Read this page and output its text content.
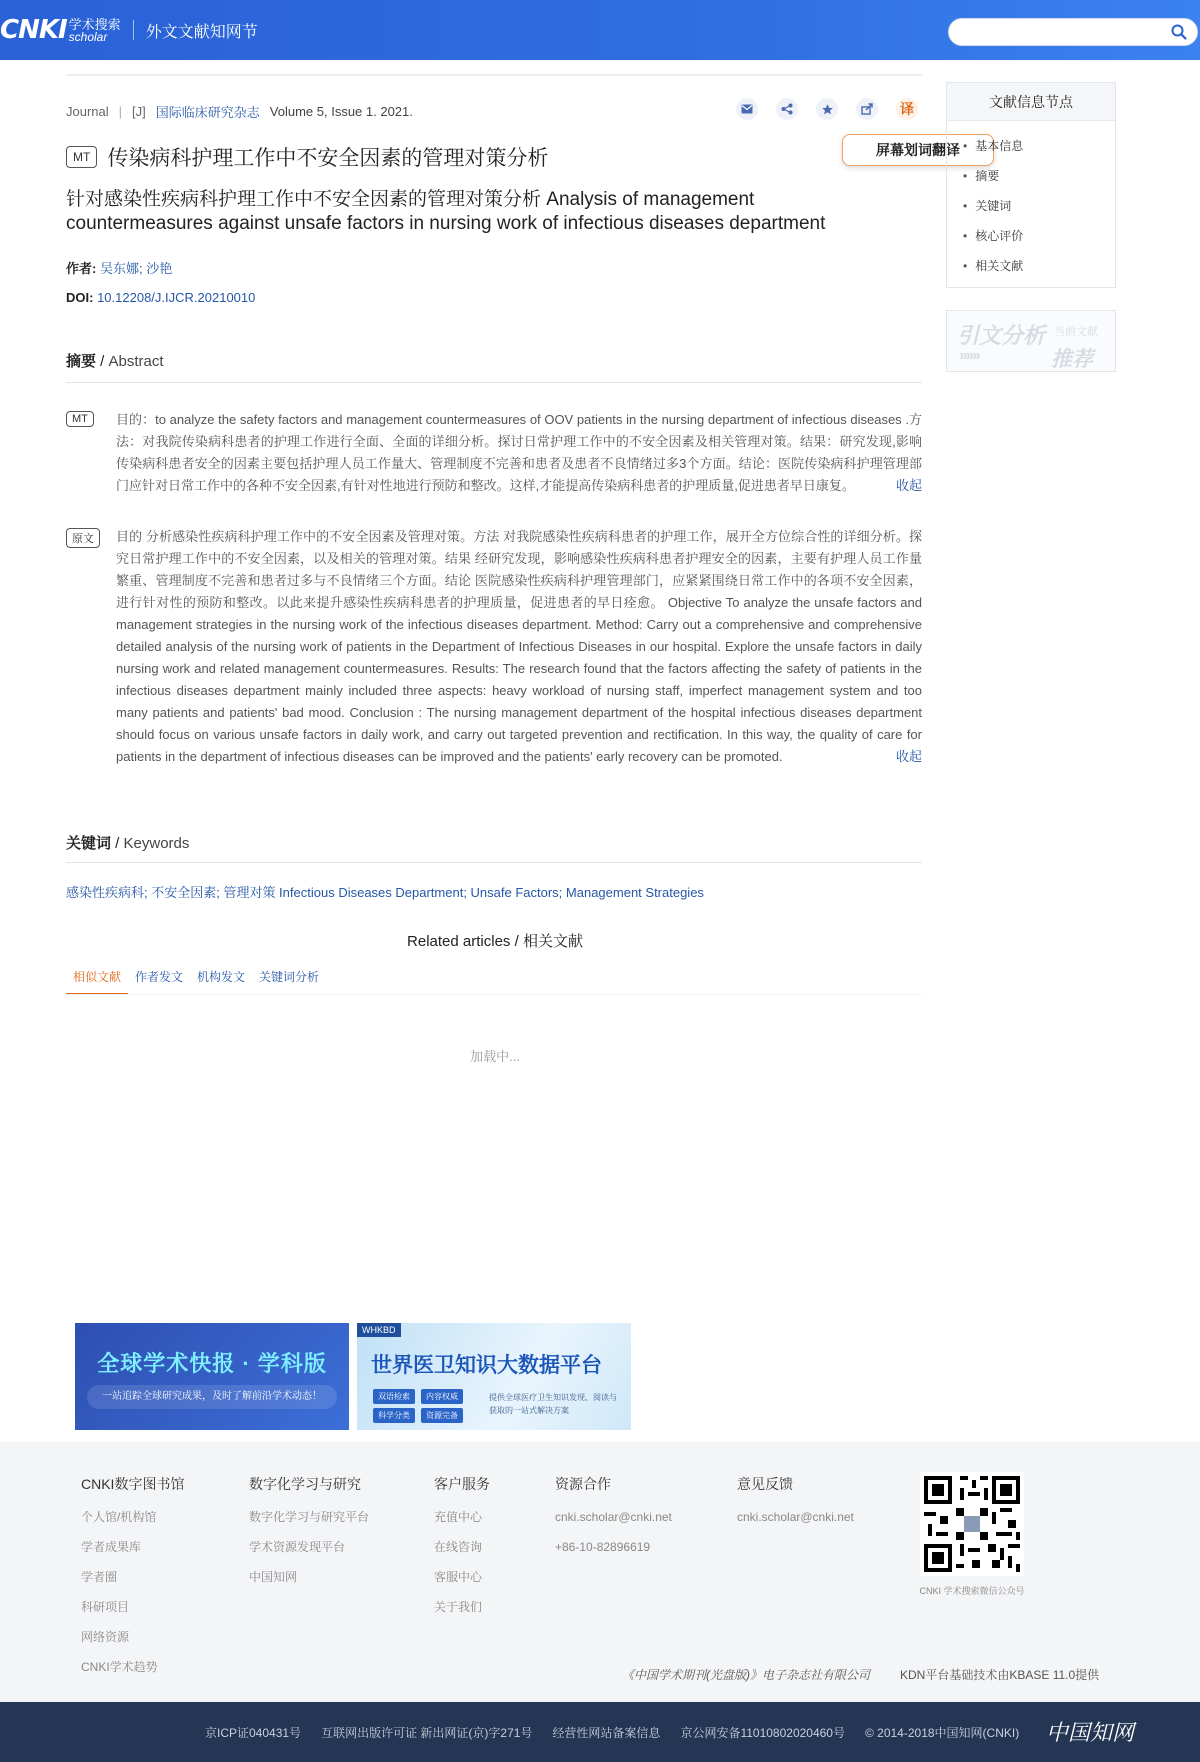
CNKI 学术搜索
scholar	外文文献知网节
Journal | [J] 国际临床研究杂志 Volume 5, Issue 1. 2021.	译
屏幕划词翻译
MT 传染病科护理工作中不安全因素的管理对策分析
针对感染性疾病科护理工作中不安全因素的管理对策分析 Analysis of management countermeasures against unsafe factors in nursing work of infectious diseases department
作者: 吴东娜; 沙艳
DOI: 10.12208/J.IJCR.20210010
摘要 / Abstract
MT	目的：to analyze the safety factors and management countermeasures of OOV patients in the nursing department of infectious diseases .方法：对我院传染病科患者的护理工作进行全面、全面的详细分析。探讨日常护理工作中的不安全因素及相关管理对策。结果：研究发现,影响传染病科患者安全的因素主要包括护理人员工作量大、管理制度不完善和患者及患者不良情绪过多3个方面。结论：医院传染病科护理管理部门应针对日常工作中的各种不安全因素,有针对性地进行预防和整改。这样,才能提高传染病科患者的护理质量,促进患者早日康复。	收起
原文	目的 分析感染性疾病科护理工作中的不安全因素及管理对策。方法 对我院感染性疾病科患者的护理工作，展开全方位综合性的详细分析。探究日常护理工作中的不安全因素，以及相关的管理对策。结果 经研究发现，影响感染性疾病科患者护理安全的因素，主要有护理人员工作量繁重、管理制度不完善和患者过多与不良情绪三个方面。结论 医院感染性疾病科护理管理部门，应紧紧围绕日常工作中的各项不安全因素，进行针对性的预防和整改。以此来提升感染性疾病科患者的护理质量，促进患者的早日痊愈。 Objective To analyze the unsafe factors and management strategies in the nursing work of the infectious diseases department. Method: Carry out a comprehensive and comprehensive detailed analysis of the nursing work of patients in the Department of Infectious Diseases in our hospital. Explore the unsafe factors in daily nursing work and related management countermeasures. Results: The research found that the factors affecting the safety of patients in the infectious diseases department mainly included three aspects: heavy workload of nursing staff, imperfect management system and too many patients and patients' bad mood. Conclusion : The nursing management department of the hospital infectious diseases department should focus on various unsafe factors in daily work, and carry out targeted prevention and rectification. In this way, the quality of care for patients in the department of infectious diseases can be improved and the patients' early recovery can be promoted.	收起
关键词 / Keywords
感染性疾病科; 不安全因素; 管理对策 Infectious Diseases Department; Unsafe Factors; Management Strategies
Related articles / 相关文献
相似文献	作者发文	机构发文	关键词分析
加载中...
全球学术快报 · 学科版
一站追踪全球研究成果，及时了解前沿学术动态！
WHKBD
世界医卫知识大数据平台
双语检索	内容权威
科学分类	资源完备
提供全球医疗卫生知识发现、阅读与获取的一站式解决方案
文献信息节点
• 基本信息
• 摘要
• 关键词
• 核心评价
• 相关文献
引文分析 当前文献
››››››	推荐
CNKI数字图书馆
个人馆/机构馆
学者成果库
学者圈
科研项目
网络资源
CNKI学术趋势
数字化学习与研究
数字化学习与研究平台
学术资源发现平台
中国知网
客户服务
充值中心
在线咨询
客服中心
关于我们
资源合作
cnki.scholar@cnki.net
+86-10-82896619
意见反馈
cnki.scholar@cnki.net
CNKI 学术搜索微信公众号
《中国学术期刊(光盘版)》电子杂志社有限公司	KDN平台基础技术由KBASE 11.0提供
京ICP证040431号 互联网出版许可证 新出网证(京)字271号 经营性网站备案信息 京公网安备11010802020460号 © 2014-2018中国知网(CNKI) 中国知网
